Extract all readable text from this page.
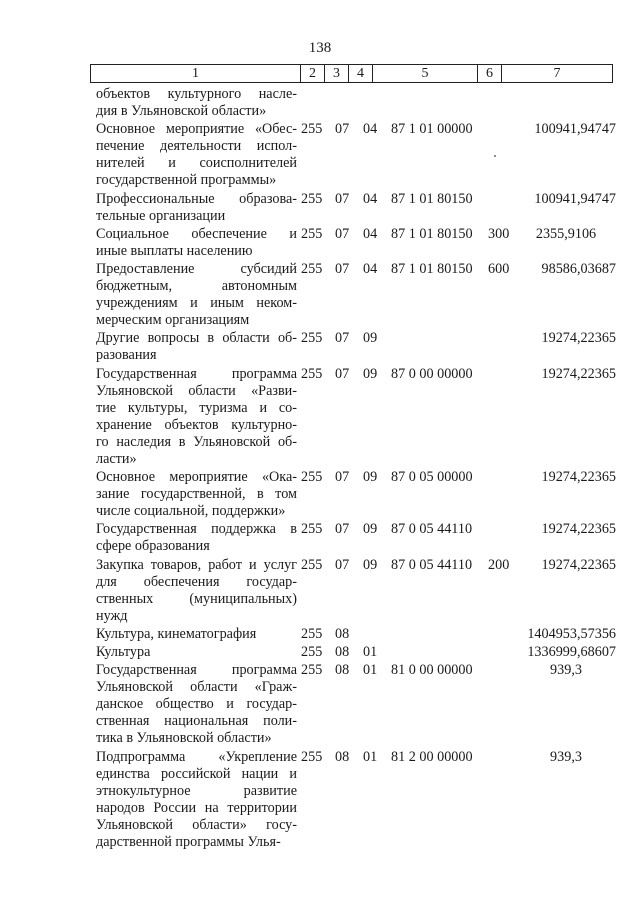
138
1	2	3	4	5	6	7
объектов культурного насле-
дия в Ульяновской области»
Основное мероприятие «Обес-
печение деятельности испол-
нителей и соисполнителей
государственной программы»
255 07 04 87 1 01 00000	100941,94747
Профессиональные образова-
тельные организации
255 07 04 87 1 01 80150	100941,94747
Социальное обеспечение и
иные выплаты населению
255 07 04 87 1 01 80150	300	2355,9106
Предоставление субсидий
бюджетным, автономным
учреждениям и иным неком-
мерческим организациям
255 07 04 87 1 01 80150	600	98586,03687
Другие вопросы в области об-
разования
255 07 09	19274,22365
Государственная программа
Ульяновской области «Разви-
тие культуры, туризма и со-
хранение объектов культурно-
го наследия в Ульяновской об-
ласти»
255 07 09 87 0 00 00000	19274,22365
Основное мероприятие «Ока-
зание государственной, в том
числе социальной, поддержки»
255 07 09 87 0 05 00000	19274,22365
Государственная поддержка в
сфере образования
255 07 09 87 0 05 44110	19274,22365
Закупка товаров, работ и услуг
для обеспечения государ-
ственных (муниципальных)
нужд
255 07 09 87 0 05 44110	200	19274,22365
Культура, кинематография	255 08	1404953,57356
Культура	255 08 01	1336999,68607
Государственная программа
Ульяновской области «Граж-
данское общество и государ-
ственная национальная поли-
тика в Ульяновской области»
255 08 01 81 0 00 00000	939,3
Подпрограмма «Укрепление
единства российской нации и
этнокультурное развитие
народов России на территории
Ульяновской области» госу-
дарственной программы Улья-
255 08 01 81 2 00 00000	939,3
